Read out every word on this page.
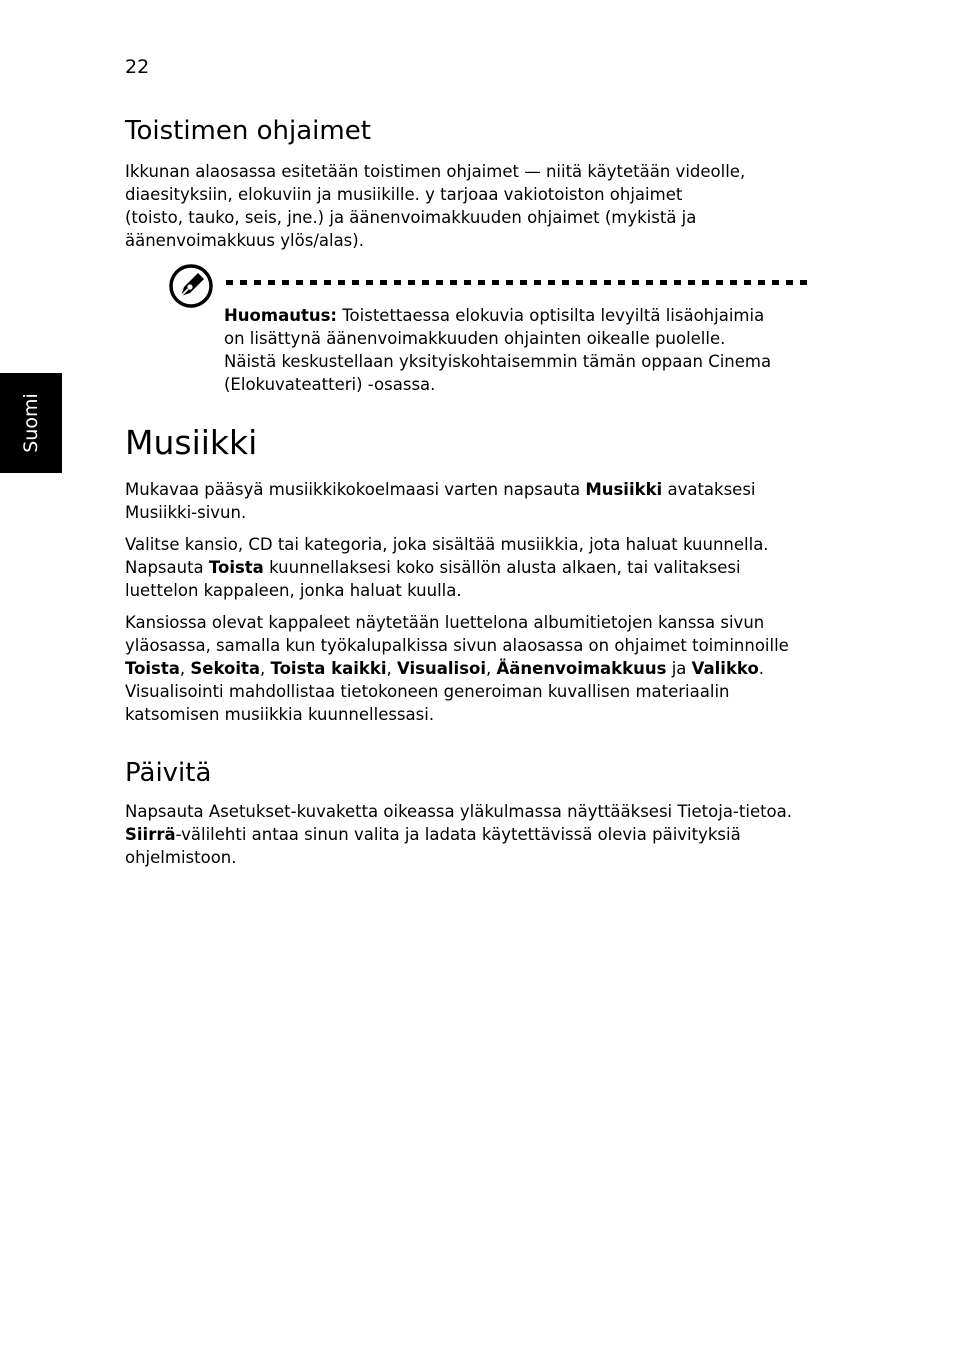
22
Suomi
Toistimen ohjaimet
Ikkunan alaosassa esitetään toistimen ohjaimet — niitä käytetään videolle,
diaesityksiin, elokuviin ja musiikille. y tarjoaa vakiotoiston ohjaimet
(toisto, tauko, seis, jne.) ja äänenvoimakkuuden ohjaimet (mykistä ja
äänenvoimakkuus ylös/alas).
Musiikki
Mukavaa pääsyä musiikkikokoelmaasi varten napsauta Musiikki avataksesi
Musiikki-sivun.
Valitse kansio, CD tai kategoria, joka sisältää musiikkia, jota haluat kuunnella.
Napsauta Toista kuunnellaksesi koko sisällön alusta alkaen, tai valitaksesi
luettelon kappaleen, jonka haluat kuulla.
Kansiossa olevat kappaleet näytetään luettelona albumitietojen kanssa sivun
yläosassa, samalla kun työkalupalkissa sivun alaosassa on ohjaimet toiminnoille
Toista, Sekoita, Toista kaikki, Visualisoi, Äänenvoimakkuus ja Valikko.
Visualisointi mahdollistaa tietokoneen generoiman kuvallisen materiaalin
katsomisen musiikkia kuunnellessasi.
Päivitä
Napsauta Asetukset-kuvaketta oikeassa yläkulmassa näyttääksesi Tietoja-tietoa.
Siirrä-välilehti antaa sinun valita ja ladata käytettävissä olevia päivityksiä
ohjelmistoon.
Huomautus: Toistettaessa elokuvia optisilta levyiltä lisäohjaimia
on lisättynä äänenvoimakkuuden ohjainten oikealle puolelle.
Näistä keskustellaan yksityiskohtaisemmin tämän oppaan Cinema
(Elokuvateatteri) -osassa.
